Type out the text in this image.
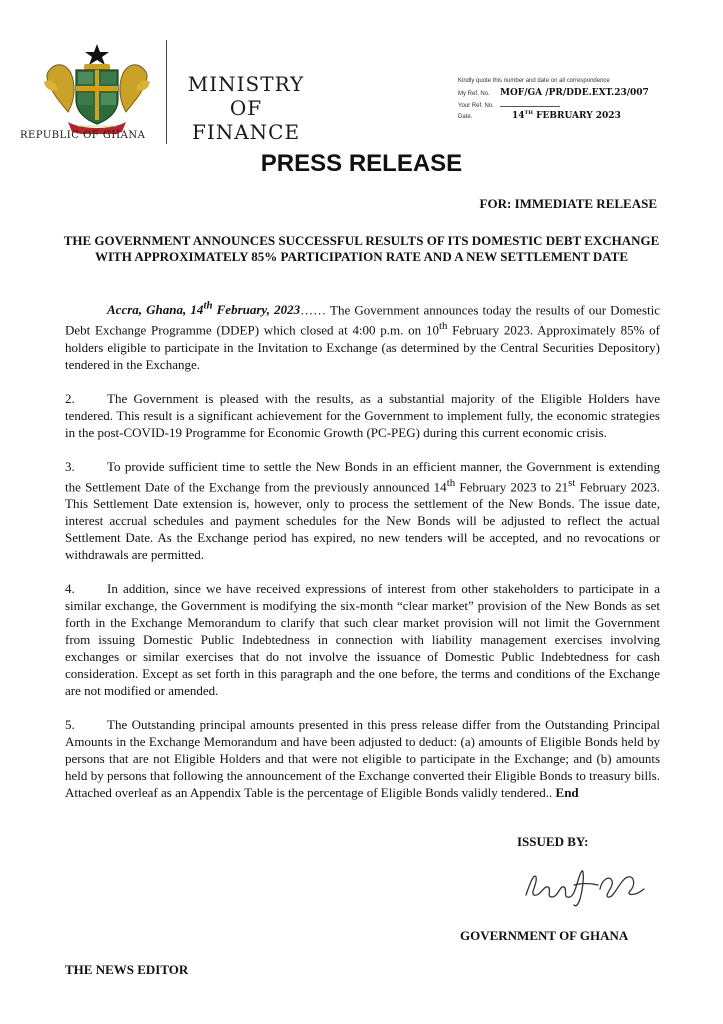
REPUBLIC OF GHANA
MINISTRY
OF
FINANCE
Kindly quote this number and date on all correspondence
My Ref. No.	MOF/GA /PR/DDE.EXT.23/007
Your Ref. No.
Date.	14TH FEBRUARY 2023
PRESS RELEASE
FOR: IMMEDIATE RELEASE
THE GOVERNMENT ANNOUNCES SUCCESSFUL RESULTS OF ITS DOMESTIC DEBT EXCHANGE WITH APPROXIMATELY 85% PARTICIPATION RATE AND A NEW SETTLEMENT DATE

Accra, Ghana, 14th February, 2023…… The Government announces today the results of our Domestic Debt Exchange Programme (DDEP) which closed at 4:00 p.m. on 10th February 2023. Approximately 85% of holders eligible to participate in the Invitation to Exchange (as determined by the Central Securities Depository) tendered in the Exchange.

2. The Government is pleased with the results, as a substantial majority of the Eligible Holders have tendered. This result is a significant achievement for the Government to implement fully, the economic strategies in the post-COVID-19 Programme for Economic Growth (PC-PEG) during this current economic crisis.

3. To provide sufficient time to settle the New Bonds in an efficient manner, the Government is extending the Settlement Date of the Exchange from the previously announced 14th February 2023 to 21st February 2023. This Settlement Date extension is, however, only to process the settlement of the New Bonds. The issue date, interest accrual schedules and payment schedules for the New Bonds will be adjusted to reflect the actual Settlement Date. As the Exchange period has expired, no new tenders will be accepted, and no revocations or withdrawals are permitted.

4. In addition, since we have received expressions of interest from other stakeholders to participate in a similar exchange, the Government is modifying the six-month “clear market” provision of the New Bonds as set forth in the Exchange Memorandum to clarify that such clear market provision will not limit the Government from issuing Domestic Public Indebtedness in connection with liability management exercises involving exchanges or similar exercises that do not involve the issuance of Domestic Public Indebtedness for cash consideration. Except as set forth in this paragraph and the one before, the terms and conditions of the Exchange are not modified or amended.

5. The Outstanding principal amounts presented in this press release differ from the Outstanding Principal Amounts in the Exchange Memorandum and have been adjusted to deduct: (a) amounts of Eligible Bonds held by persons that are not Eligible Holders and that were not eligible to participate in the Exchange; and (b) amounts held by persons that following the announcement of the Exchange converted their Eligible Bonds to treasury bills. Attached overleaf as an Appendix Table is the percentage of Eligible Bonds validly tendered.. End

ISSUED BY:
GOVERNMENT OF GHANA
THE NEWS EDITOR
